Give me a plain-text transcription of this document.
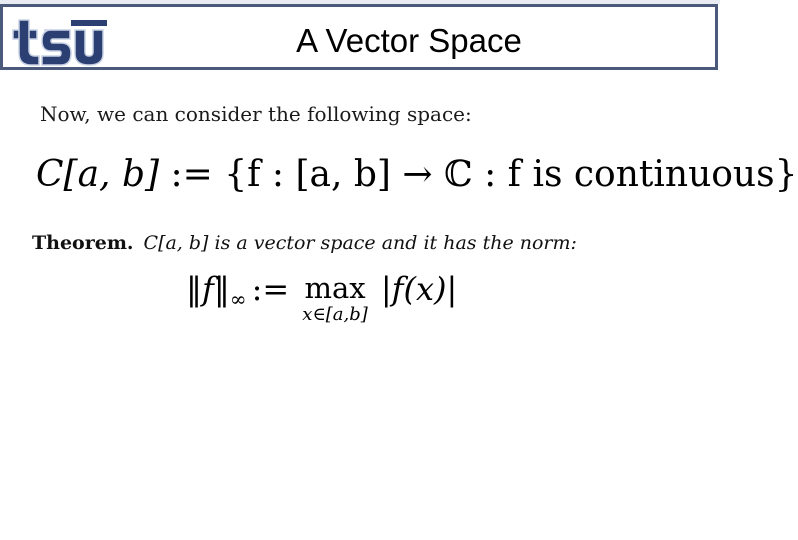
A Vector Space
Now, we can consider the following space:
C[a, b] := {f : [a, b] → ℂ : f is continuous}
Theorem. C[a, b] is a vector space and it has the norm:
‖f‖∞ := max
x∈[a,b]
|f(x)|
